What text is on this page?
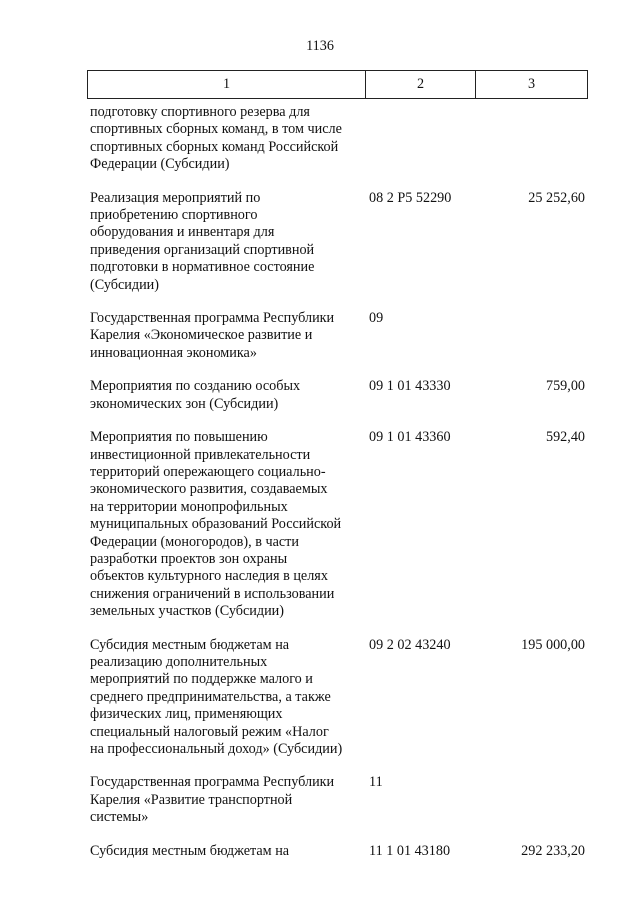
1136
1	2	3
подготовку спортивного резерва для
спортивных сборных команд, в том числе
спортивных сборных команд Российской
Федерации (Субсидии)
Реализация мероприятий по
приобретению спортивного
оборудования и инвентаря для
приведения организаций спортивной
подготовки в нормативное состояние
(Субсидии)
08 2 P5 52290	25 252,60
Государственная программа Республики
Карелия «Экономическое развитие и
инновационная экономика»
09
Мероприятия по созданию особых
экономических зон (Субсидии)
09 1 01 43330	759,00
Мероприятия по повышению
инвестиционной привлекательности
территорий опережающего социально-
экономического развития, создаваемых
на территории монопрофильных
муниципальных образований Российской
Федерации (моногородов), в части
разработки проектов зон охраны
объектов культурного наследия в целях
снижения ограничений в использовании
земельных участков (Субсидии)
09 1 01 43360	592,40
Субсидия местным бюджетам на
реализацию дополнительных
мероприятий по поддержке малого и
среднего предпринимательства, а также
физических лиц, применяющих
специальный налоговый режим «Налог
на профессиональный доход» (Субсидии)
09 2 02 43240	195 000,00
Государственная программа Республики
Карелия «Развитие транспортной
системы»
11
Субсидия местным бюджетам на	11 1 01 43180	292 233,20
